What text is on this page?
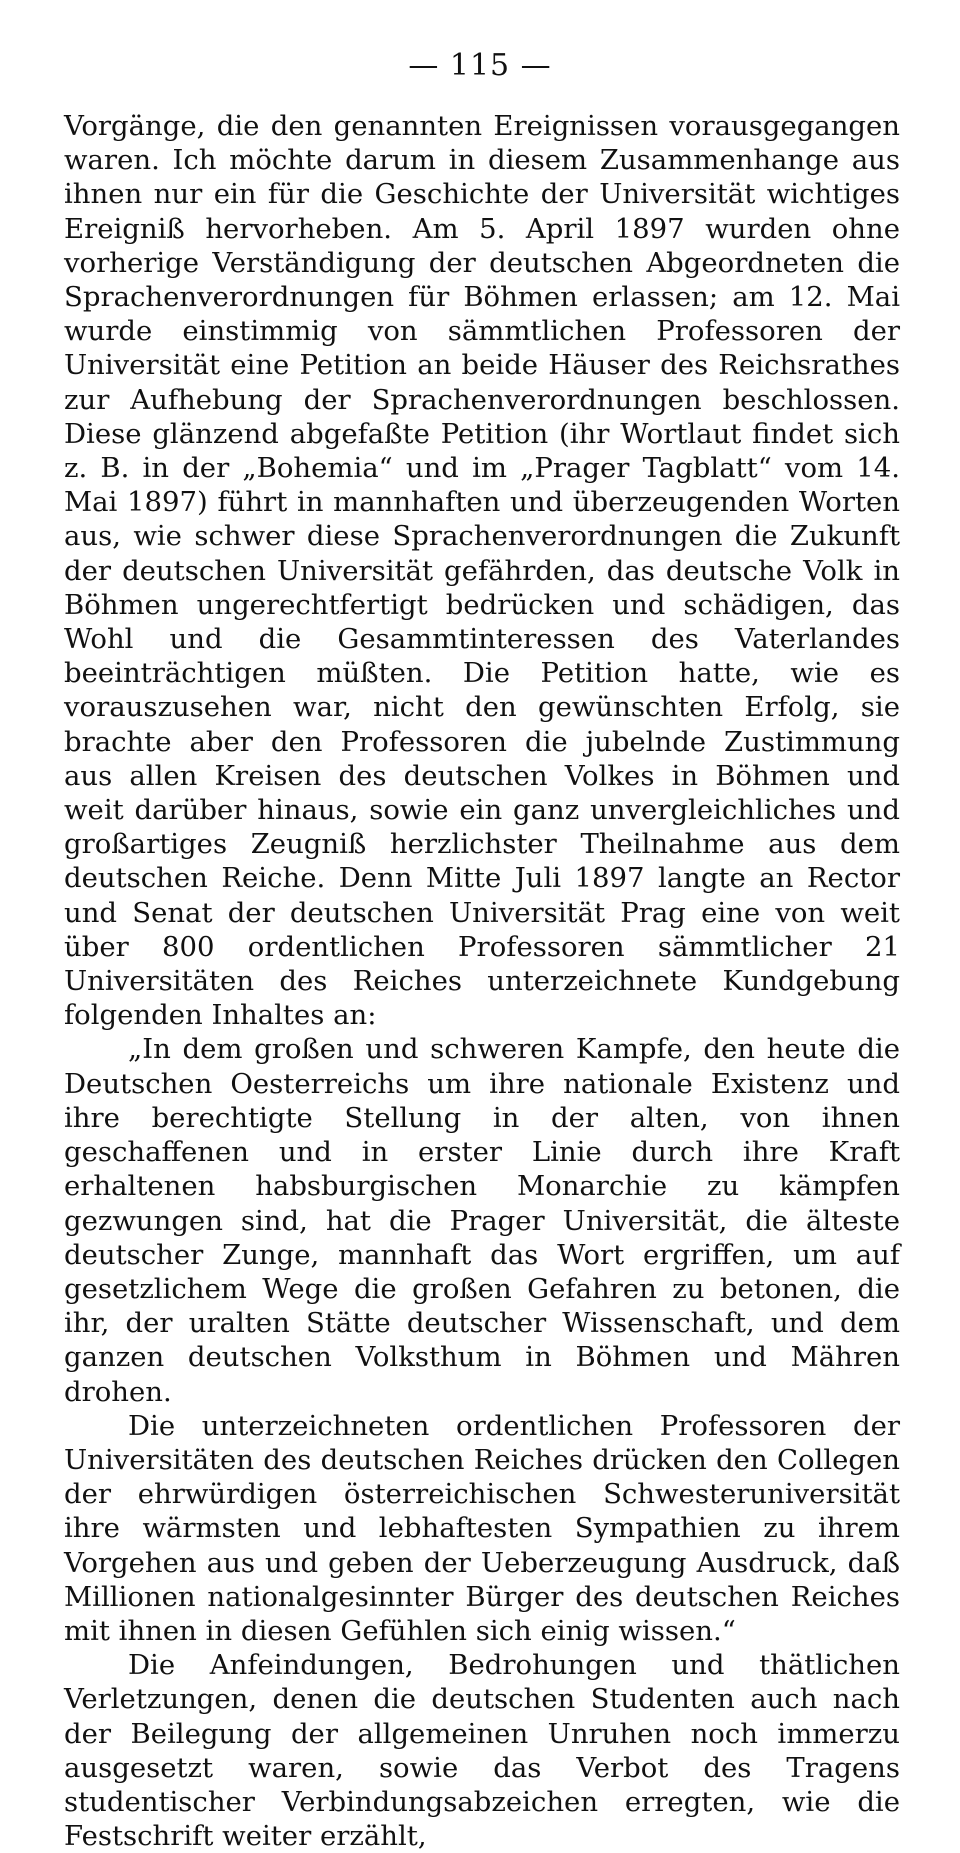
— 115 —

Vorgänge, die den genannten Ereignissen vorausgegangen waren. Ich möchte darum in diesem Zusammenhange aus ihnen nur ein für die Geschichte der Universität wichtiges Ereigniß hervorheben. Am 5. April 1897 wurden ohne vorherige Verständigung der deutschen Abgeordneten die Sprachenverordnungen für Böhmen erlassen; am 12. Mai wurde einstimmig von sämmtlichen Professoren der Universität eine Petition an beide Häuser des Reichsrathes zur Aufhebung der Sprachenverordnungen beschlossen. Diese glänzend abgefaßte Petition (ihr Wortlaut findet sich z. B. in der „Bohemia“ und im „Prager Tagblatt“ vom 14. Mai 1897) führt in mannhaften und überzeugenden Worten aus, wie schwer diese Sprachenverordnungen die Zukunft der deutschen Universität gefährden, das deutsche Volk in Böhmen ungerechtfertigt bedrücken und schädigen, das Wohl und die Gesammtinteressen des Vaterlandes beeinträchtigen müßten. Die Petition hatte, wie es vorauszusehen war, nicht den gewünschten Erfolg, sie brachte aber den Professoren die jubelnde Zustimmung aus allen Kreisen des deutschen Volkes in Böhmen und weit darüber hinaus, sowie ein ganz unvergleichliches und großartiges Zeugniß herzlichster Theilnahme aus dem deutschen Reiche. Denn Mitte Juli 1897 langte an Rector und Senat der deutschen Universität Prag eine von weit über 800 ordentlichen Professoren sämmtlicher 21 Universitäten des Reiches unterzeichnete Kundgebung folgenden Inhaltes an:

„In dem großen und schweren Kampfe, den heute die Deutschen Oesterreichs um ihre nationale Existenz und ihre berechtigte Stellung in der alten, von ihnen geschaffenen und in erster Linie durch ihre Kraft erhaltenen habsburgischen Monarchie zu kämpfen gezwungen sind, hat die Prager Universität, die älteste deutscher Zunge, mannhaft das Wort ergriffen, um auf gesetzlichem Wege die großen Gefahren zu betonen, die ihr, der uralten Stätte deutscher Wissenschaft, und dem ganzen deutschen Volksthum in Böhmen und Mähren drohen.

Die unterzeichneten ordentlichen Professoren der Universitäten des deutschen Reiches drücken den Collegen der ehrwürdigen österreichischen Schwesteruniversität ihre wärmsten und lebhaftesten Sympathien zu ihrem Vorgehen aus und geben der Ueberzeugung Ausdruck, daß Millionen nationalgesinnter Bürger des deutschen Reiches mit ihnen in diesen Gefühlen sich einig wissen.“

Die Anfeindungen, Bedrohungen und thätlichen Verletzungen, denen die deutschen Studenten auch nach der Beilegung der allgemeinen Unruhen noch immerzu ausgesetzt waren, sowie das Verbot des Tragens studentischer Verbindungsabzeichen erregten, wie die Festschrift weiter erzählt,
